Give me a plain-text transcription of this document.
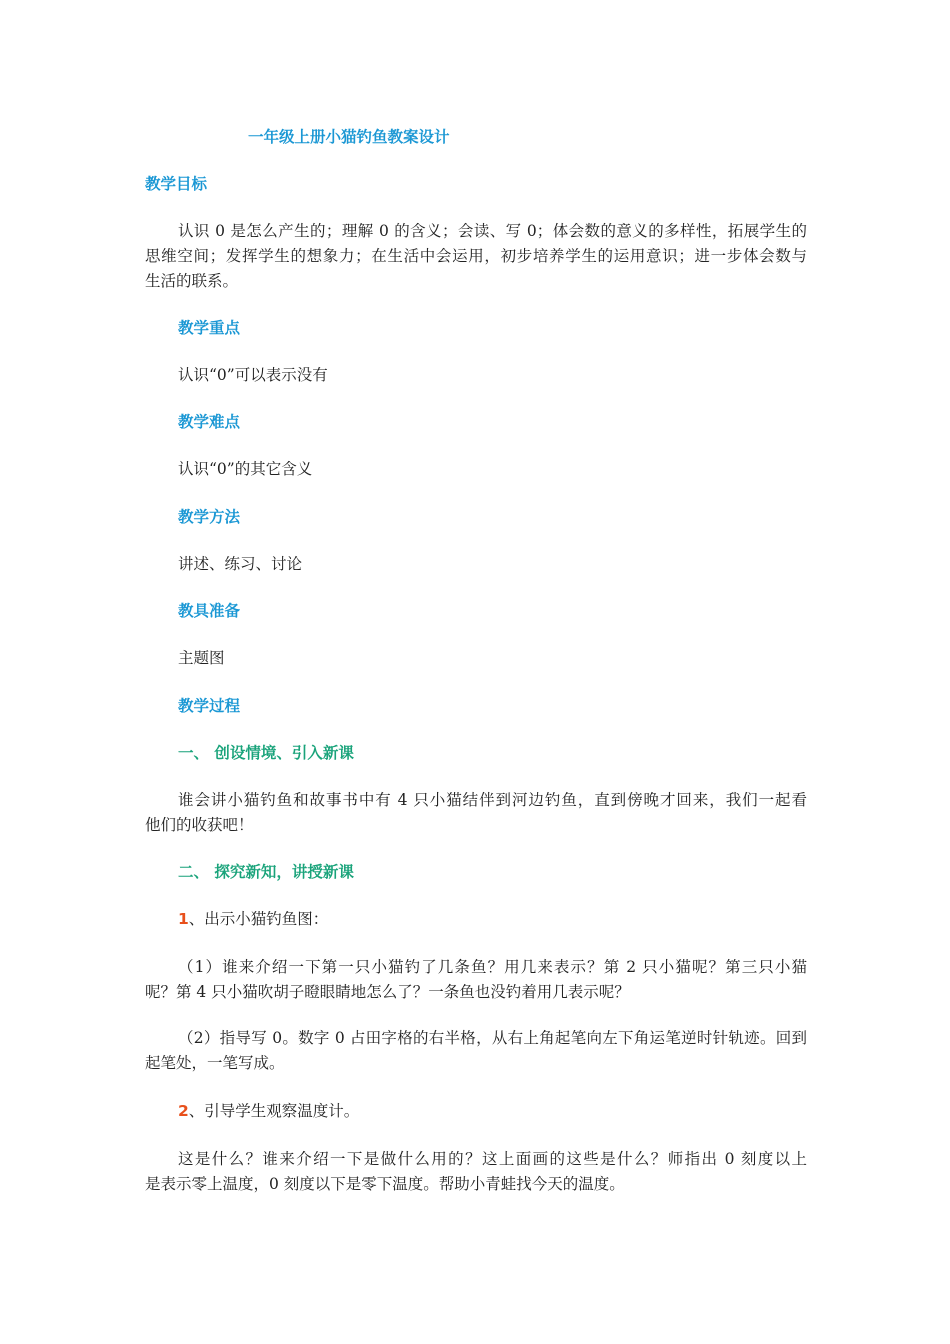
一年级上册小猫钓鱼教案设计
教学目标
认识 0 是怎么产生的；理解 0 的含义；会读、写 0；体会数的意义的多样性，拓展学生的
思维空间；发挥学生的想象力；在生活中会运用，初步培养学生的运用意识；进一步体会数与
生活的联系。
教学重点
认识“0”可以表示没有
教学难点
认识“0”的其它含义
教学方法
讲述、练习、讨论
教具准备
主题图
教学过程
一、 创设情境、引入新课
谁会讲小猫钓鱼和故事书中有 4 只小猫结伴到河边钓鱼，直到傍晚才回来，我们一起看
他们的收获吧！
二、 探究新知，讲授新课
1、出示小猫钓鱼图：
（1）谁来介绍一下第一只小猫钓了几条鱼？用几来表示？第 2 只小猫呢？第三只小猫
呢？第 4 只小猫吹胡子瞪眼睛地怎么了？一条鱼也没钓着用几表示呢？
（2）指导写 0。数字 0 占田字格的右半格，从右上角起笔向左下角运笔逆时针轨迹。回到
起笔处，一笔写成。
2、引导学生观察温度计。
这是什么？谁来介绍一下是做什么用的？这上面画的这些是什么？师指出 0 刻度以上
是表示零上温度，0 刻度以下是零下温度。帮助小青蛙找今天的温度。
